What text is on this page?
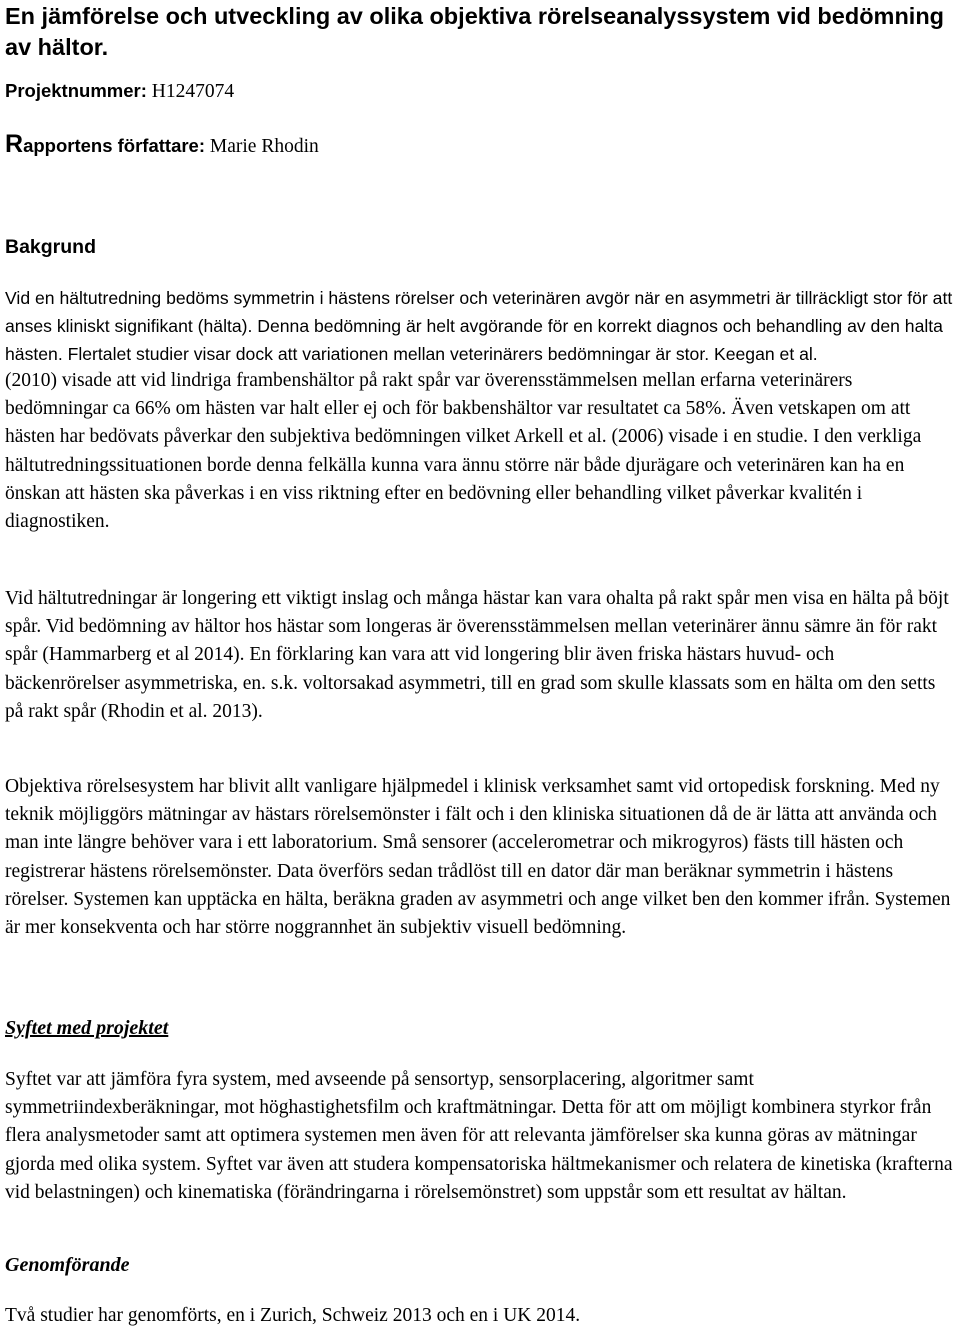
En jämförelse och utveckling av olika objektiva rörelseanalyssystem vid bedömning av hältor.

Projektnummer: H1247074

Rapportens författare: Marie Rhodin

Bakgrund

Vid en hältutredning bedöms symmetrin i hästens rörelser och veterinären avgör när en asymmetri är tillräckligt stor för att anses kliniskt signifikant (hälta). Denna bedömning är helt avgörande för en korrekt diagnos och behandling av den halta hästen. Flertalet studier visar dock att variationen mellan veterinärers bedömningar är stor. Keegan et al.

(2010) visade att vid lindriga frambenshältor på rakt spår var överensstämmelsen mellan erfarna veterinärers bedömningar ca 66% om hästen var halt eller ej och för bakbenshältor var resultatet ca 58%. Även vetskapen om att hästen har bedövats påverkar den subjektiva bedömningen vilket Arkell et al. (2006) visade i en studie. I den verkliga hältutredningssituationen borde denna felkälla kunna vara ännu större när både djurägare och veterinären kan ha en önskan att hästen ska påverkas i en viss riktning efter en bedövning eller behandling vilket påverkar kvalitén i diagnostiken.

Vid hältutredningar är longering ett viktigt inslag och många hästar kan vara ohalta på rakt spår men visa en hälta på böjt spår. Vid bedömning av hältor hos hästar som longeras är överensstämmelsen mellan veterinärer ännu sämre än för rakt spår (Hammarberg et al 2014). En förklaring kan vara att vid longering blir även friska hästars huvud- och bäckenrörelser asymmetriska, en. s.k. voltorsakad asymmetri, till en grad som skulle klassats som en hälta om den setts på rakt spår (Rhodin et al. 2013).

Objektiva rörelsesystem har blivit allt vanligare hjälpmedel i klinisk verksamhet samt vid ortopedisk forskning. Med ny teknik möjliggörs mätningar av hästars rörelsemönster i fält och i den kliniska situationen då de är lätta att använda och man inte längre behöver vara i ett laboratorium. Små sensorer (accelerometrar och mikrogyros) fästs till hästen och registrerar hästens rörelsemönster. Data överförs sedan trådlöst till en dator där man beräknar symmetrin i hästens rörelser. Systemen kan upptäcka en hälta, beräkna graden av asymmetri och ange vilket ben den kommer ifrån. Systemen är mer konsekventa och har större noggrannhet än subjektiv visuell bedömning.

Syftet med projektet

Syftet var att jämföra fyra system, med avseende på sensortyp, sensorplacering, algoritmer samt symmetriindexberäkningar, mot höghastighetsfilm och kraftmätningar. Detta för att om möjligt kombinera styrkor från flera analysmetoder samt att optimera systemen men även för att relevanta jämförelser ska kunna göras av mätningar gjorda med olika system. Syftet var även att studera kompensatoriska hältmekanismer och relatera de kinetiska (krafterna vid belastningen) och kinematiska (förändringarna i rörelsemönstret) som uppstår som ett resultat av hältan.

Genomförande

Två studier har genomförts, en i Zurich, Schweiz 2013 och en i UK 2014.
